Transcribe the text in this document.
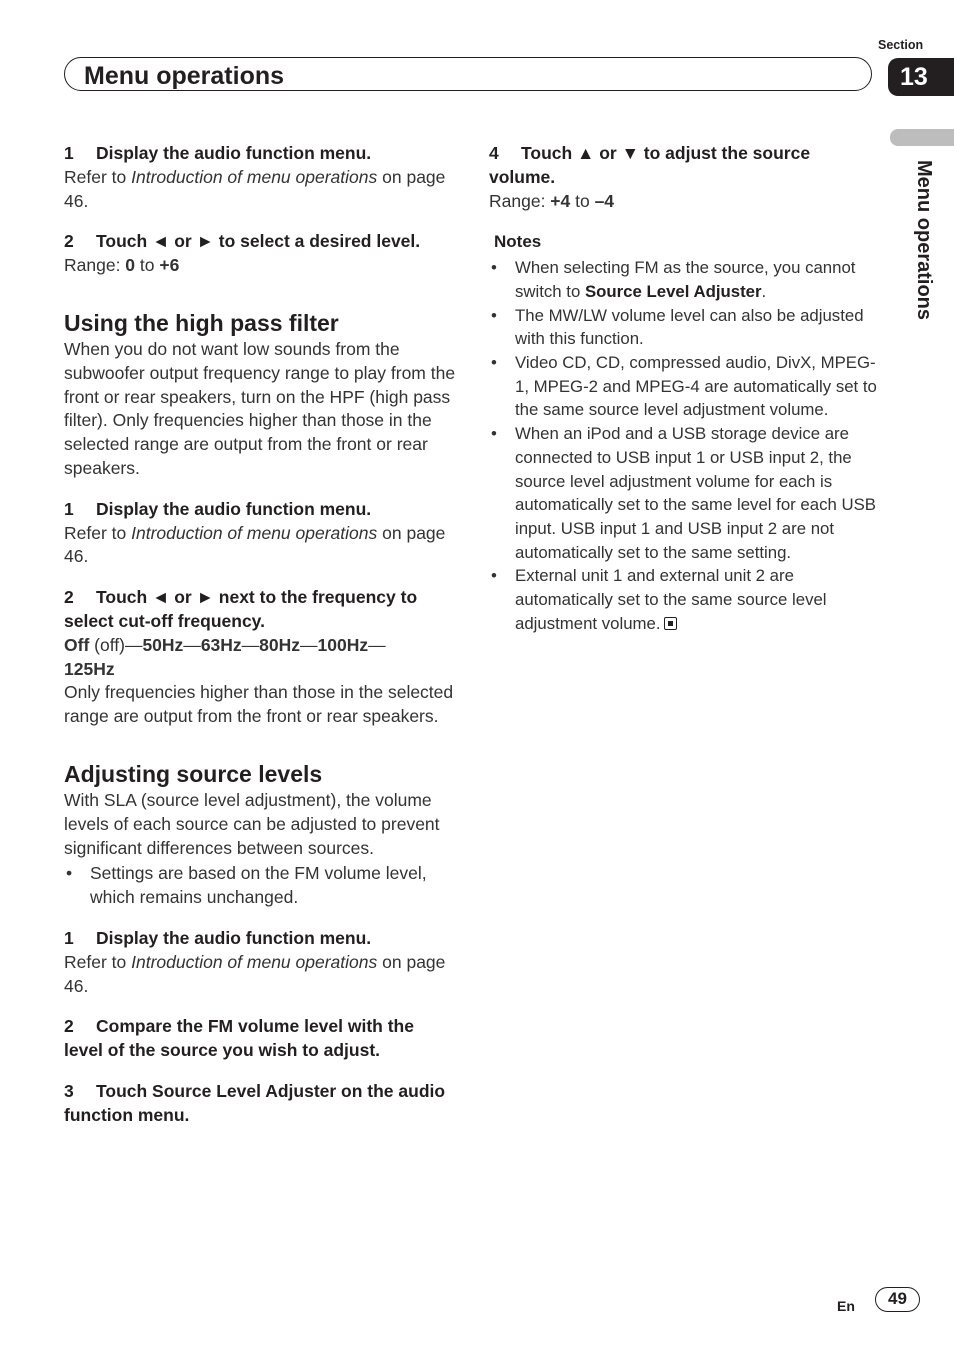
Menu operations
Section
13
Menu operations

1 Display the audio function menu.

Refer to Introduction of menu operations on page 46.

2 Touch ◄ or ► to select a desired level.

Range: 0 to +6

Using the high pass filter

When you do not want low sounds from the subwoofer output frequency range to play from the front or rear speakers, turn on the HPF (high pass filter). Only frequencies higher than those in the selected range are output from the front or rear speakers.

1 Display the audio function menu.

Refer to Introduction of menu operations on page 46.

2 Touch ◄ or ► next to the frequency to select cut-off frequency.

Off (off)—50Hz—63Hz—80Hz—100Hz—
125Hz

Only frequencies higher than those in the selected range are output from the front or rear speakers.

Adjusting source levels

With SLA (source level adjustment), the volume levels of each source can be adjusted to prevent significant differences between sources.

• Settings are based on the FM volume level, which remains unchanged.

1 Display the audio function menu.

Refer to Introduction of menu operations on page 46.

2 Compare the FM volume level with the level of the source you wish to adjust.

3 Touch Source Level Adjuster on the audio function menu.

4 Touch ▲ or ▼ to adjust the source volume.

Range: +4 to –4

Notes
• When selecting FM as the source, you cannot switch to Source Level Adjuster.
• The MW/LW volume level can also be adjusted with this function.
• Video CD, CD, compressed audio, DivX, MPEG-1, MPEG-2 and MPEG-4 are automatically set to the same source level adjustment volume.
• When an iPod and a USB storage device are connected to USB input 1 or USB input 2, the source level adjustment volume for each is automatically set to the same level for each USB input. USB input 1 and USB input 2 are not automatically set to the same setting.
• External unit 1 and external unit 2 are automatically set to the same source level adjustment volume.
En	49
